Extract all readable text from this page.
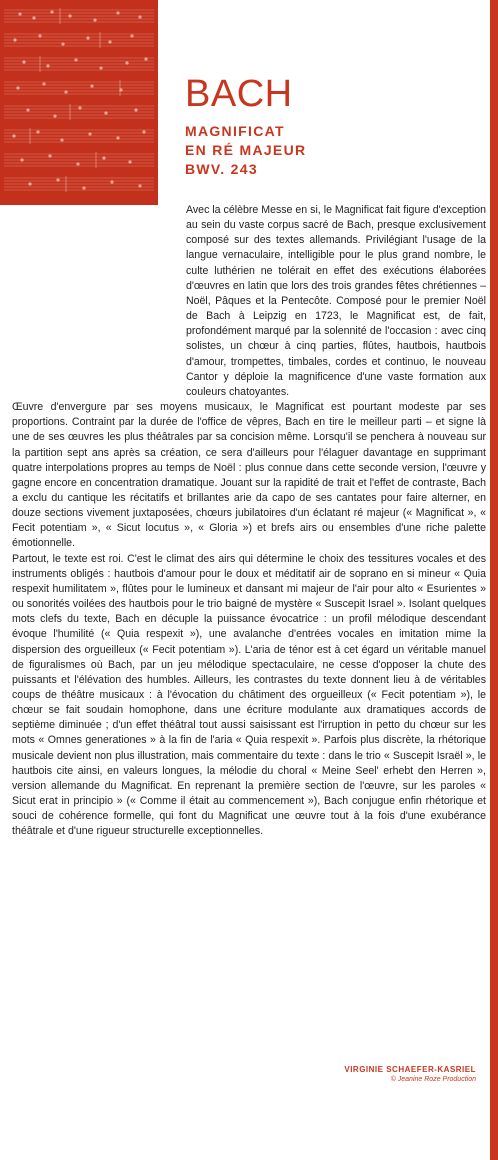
BACH
MAGNIFICAT
EN RÉ MAJEUR
BWV. 243

Avec la célèbre Messe en si, le Magnificat fait figure d'exception au sein du vaste corpus sacré de Bach, presque exclusivement composé sur des textes allemands. Privilégiant l'usage de la langue vernaculaire, intelligible pour le plus grand nombre, le culte luthérien ne tolérait en effet des exécutions élaborées d'œuvres en latin que lors des trois grandes fêtes chrétiennes – Noël, Pâques et la Pentecôte. Composé pour le premier Noël de Bach à Leipzig en 1723, le Magnificat est, de fait, profondément marqué par la solennité de l'occasion : avec cinq solistes, un chœur à cinq parties, flûtes, hautbois, hautbois d'amour, trompettes, timbales, cordes et continuo, le nouveau Cantor y déploie la magnificence d'une vaste formation aux couleurs chatoyantes.

Œuvre d'envergure par ses moyens musicaux, le Magnificat est pourtant modeste par ses proportions. Contraint par la durée de l'office de vêpres, Bach en tire le meilleur parti – et signe là une de ses œuvres les plus théâtrales par sa concision même. Lorsqu'il se penchera à nouveau sur la partition sept ans après sa création, ce sera d'ailleurs pour l'élaguer davantage en supprimant quatre interpolations propres au temps de Noël : plus connue dans cette seconde version, l'œuvre y gagne encore en concentration dramatique. Jouant sur la rapidité de trait et l'effet de contraste, Bach a exclu du cantique les récitatifs et brillantes arie da capo de ses cantates pour faire alterner, en douze sections vivement juxtaposées, chœurs jubilatoires d'un éclatant ré majeur (« Magnificat », « Fecit potentiam », « Sicut locutus », « Gloria ») et brefs airs ou ensembles d'une riche palette émotionnelle.

Partout, le texte est roi. C'est le climat des airs qui détermine le choix des tessitures vocales et des instruments obligés : hautbois d'amour pour le doux et méditatif air de soprano en si mineur « Quia respexit humilitatem », flûtes pour le lumineux et dansant mi majeur de l'air pour alto « Esurientes » ou sonorités voilées des hautbois pour le trio baigné de mystère « Suscepit Israel ». Isolant quelques mots clefs du texte, Bach en décuple la puissance évocatrice : un profil mélodique descendant évoque l'humilité (« Quia respexit »), une avalanche d'entrées vocales en imitation mime la dispersion des orgueilleux (« Fecit potentiam »). L'aria de ténor est à cet égard un véritable manuel de figuralismes où Bach, par un jeu mélodique spectaculaire, ne cesse d'opposer la chute des puissants et l'élévation des humbles. Ailleurs, les contrastes du texte donnent lieu à de véritables coups de théâtre musicaux : à l'évocation du châtiment des orgueilleux (« Fecit potentiam »), le chœur se fait soudain homophone, dans une écriture modulante aux dramatiques accords de septième diminuée ; d'un effet théâtral tout aussi saisissant est l'irruption in petto du chœur sur les mots « Omnes generationes » à la fin de l'aria « Quia respexit ». Parfois plus discrète, la rhétorique musicale devient non plus illustration, mais commentaire du texte : dans le trio « Suscepit Israël », le hautbois cite ainsi, en valeurs longues, la mélodie du choral « Meine Seel' erhebt den Herren », version allemande du Magnificat. En reprenant la première section de l'œuvre, sur les paroles « Sicut erat in principio » (« Comme il était au commencement »), Bach conjugue enfin rhétorique et souci de cohérence formelle, qui font du Magnificat une œuvre tout à la fois d'une exubérance théâtrale et d'une rigueur structurelle exceptionnelles.

VIRGINIE SCHAEFER-KASRIEL
© Jeanine Roze Production
